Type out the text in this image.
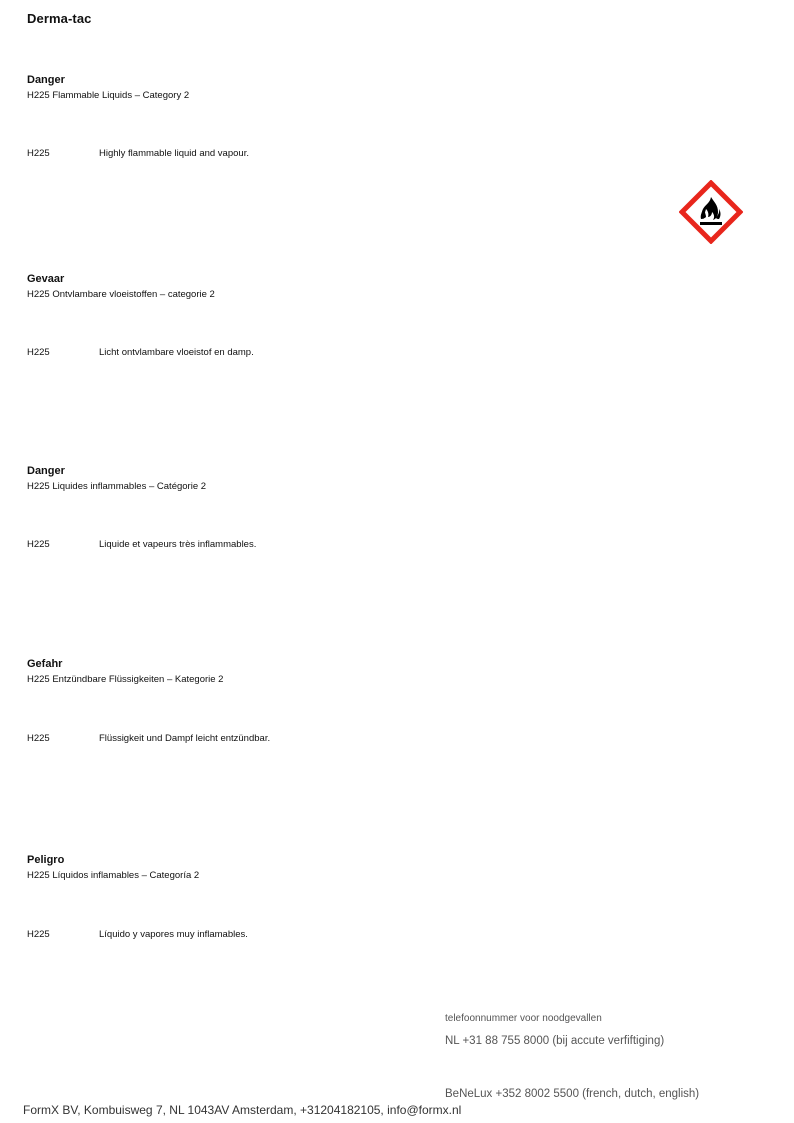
Derma-tac
Danger
H225 Flammable Liquids – Category 2
H225	Highly flammable liquid and vapour.
Gevaar
H225 Ontvlambare vloeistoffen – categorie 2
H225	Licht ontvlambare vloeistof en damp.
Danger
H225 Liquides inflammables – Catégorie 2
H225	Liquide et vapeurs très inflammables.
Gefahr
H225 Entzündbare Flüssigkeiten – Kategorie 2
H225	Flüssigkeit und Dampf leicht entzündbar.
Peligro
H225 Líquidos inflamables – Categoría 2
H225	Líquido y vapores muy inflamables.
telefoonnummer voor noodgevallen
NL +31 88 755 8000 (bij accute verfiftiging)
BeNeLux +352 8002 5500 (french, dutch, english)
FormX BV, Kombuisweg 7, NL 1043AV Amsterdam, +31204182105, info@formx.nl
